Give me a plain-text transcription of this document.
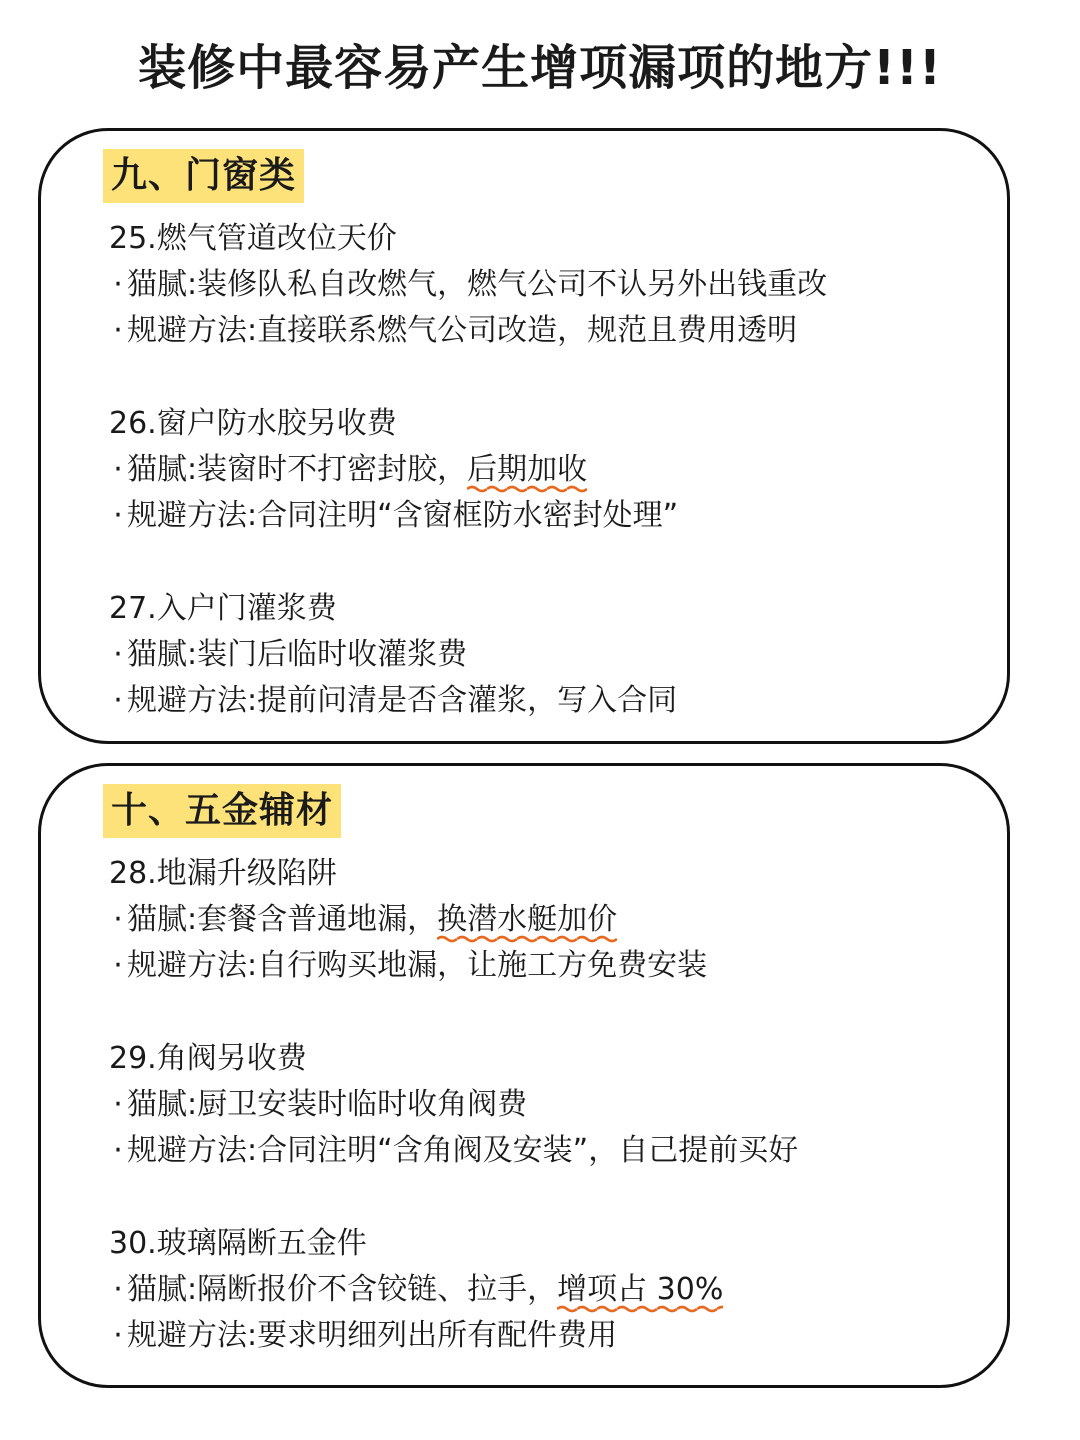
装修中最容易产生增项漏项的地方!!!
九、门窗类
25.燃气管道改位天价
· 猫腻:装修队私自改燃气，燃气公司不认另外出钱重改
· 规避方法:直接联系燃气公司改造，规范且费用透明
26.窗户防水胶另收费
· 猫腻:装窗时不打密封胶，后期加收
· 规避方法:合同注明“含窗框防水密封处理”
27.入户门灌浆费
· 猫腻:装门后临时收灌浆费
· 规避方法:提前问清是否含灌浆，写入合同
十、五金辅材
28.地漏升级陷阱
· 猫腻:套餐含普通地漏，换潜水艇加价
· 规避方法:自行购买地漏，让施工方免费安装
29.角阀另收费
· 猫腻:厨卫安装时临时收角阀费
· 规避方法:合同注明“含角阀及安装”，自己提前买好
30.玻璃隔断五金件
· 猫腻:隔断报价不含铰链、拉手，增项占 30%
· 规避方法:要求明细列出所有配件费用
